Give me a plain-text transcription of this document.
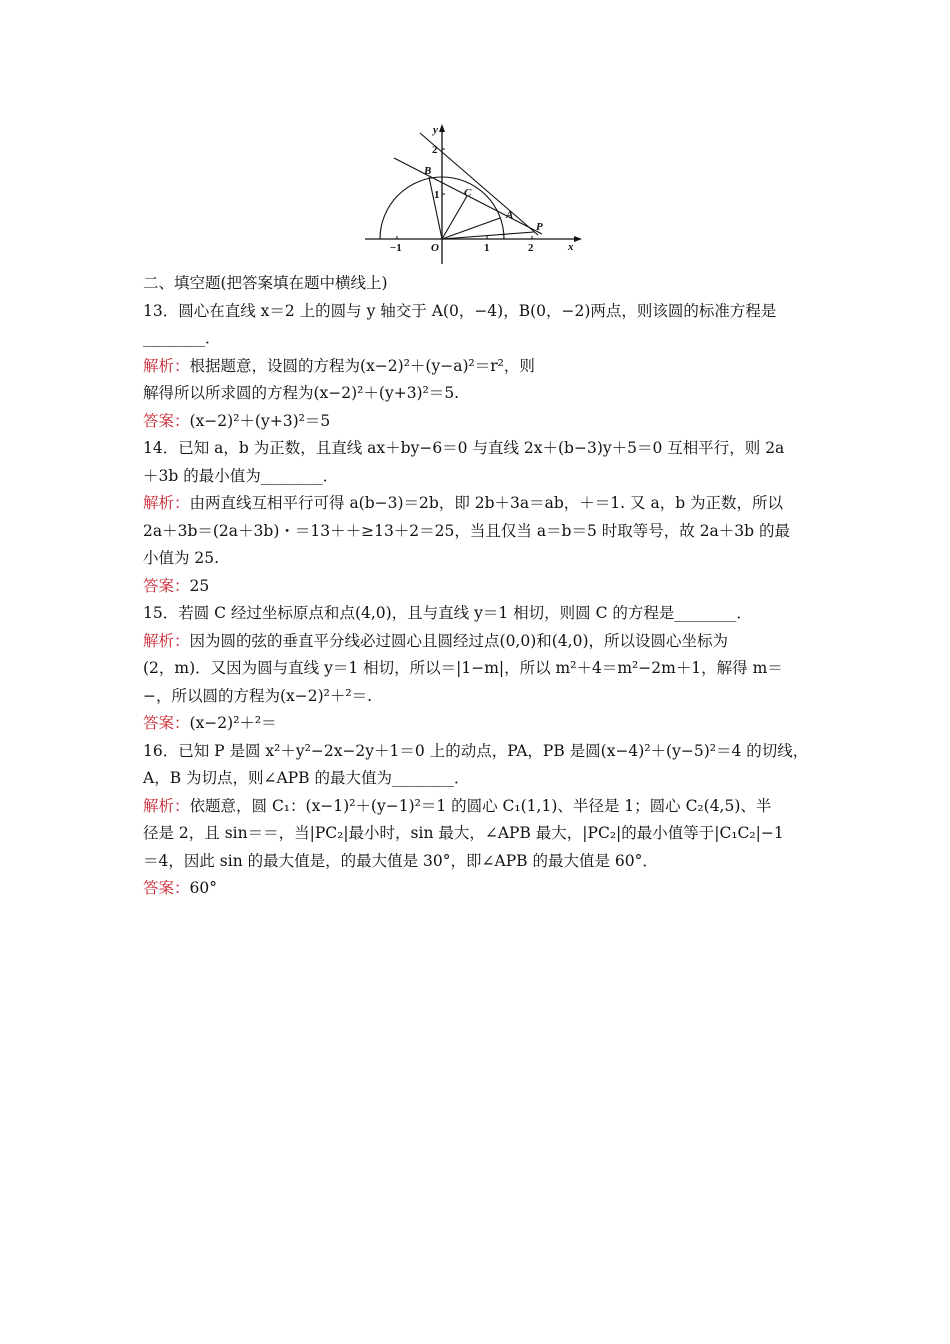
y
x
2
1
−1	1	2
O
A
B
C
P
二、填空题(把答案填在题中横线上)
13．圆心在直线 x＝2 上的圆与 y 轴交于 A(0，−4)，B(0，−2)两点，则该圆的标准方程是
________．
解析：根据题意，设圆的方程为(x−2)²＋(y−a)²＝r²，则
解得所以所求圆的方程为(x−2)²＋(y+3)²＝5.
答案：(x−2)²＋(y+3)²＝5
14．已知 a，b 为正数，且直线 ax＋by−6＝0 与直线 2x＋(b−3)y＋5＝0 互相平行，则 2a
＋3b 的最小值为________．
解析：由两直线互相平行可得 a(b−3)＝2b，即 2b＋3a＝ab，＋＝1. 又 a，b 为正数，所以
2a＋3b＝(2a＋3b)・＝13＋＋≥13＋2＝25，当且仅当 a＝b＝5 时取等号，故 2a＋3b 的最
小值为 25.
答案：25
15．若圆 C 经过坐标原点和点(4,0)，且与直线 y＝1 相切，则圆 C 的方程是________．
解析：因为圆的弦的垂直平分线必过圆心且圆经过点(0,0)和(4,0)，所以设圆心坐标为
(2，m)．又因为圆与直线 y＝1 相切，所以＝|1−m|，所以 m²＋4＝m²−2m＋1，解得 m＝
−，所以圆的方程为(x−2)²＋²＝.
答案：(x−2)²＋²＝
16．已知 P 是圆 x²＋y²−2x−2y＋1＝0 上的动点，PA，PB 是圆(x−4)²＋(y−5)²＝4 的切线，
A，B 为切点，则∠APB 的最大值为________．
解析：依题意，圆 C₁：(x−1)²＋(y−1)²＝1 的圆心 C₁(1,1)、半径是 1；圆心 C₂(4,5)、半
径是 2，且 sin＝＝，当|PC₂|最小时，sin 最大，∠APB 最大，|PC₂|的最小值等于|C₁C₂|−1
＝4，因此 sin 的最大值是，的最大值是 30°，即∠APB 的最大值是 60°．
答案：60°
